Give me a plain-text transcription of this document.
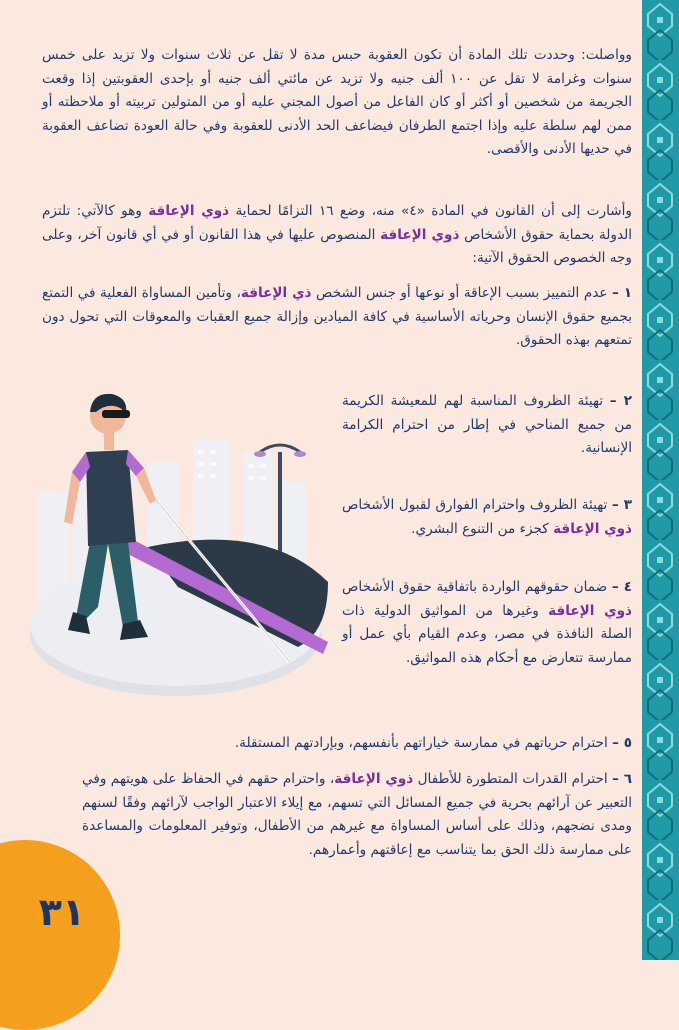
وواصلت: وحددت تلك المادة أن تكون العقوبة حبس مدة لا تقل عن ثلاث سنوات ولا تزيد على خمس سنوات وغرامة لا تقل عن ١٠٠ ألف جنيه ولا تزيد عن مائتي ألف جنيه أو بإحدى العقوبتين إذا وقعت الجريمة من شخصين أو أكثر أو كان الفاعل من أصول المجني عليه أو من المتولين تربيته أو ملاحظته أو ممن لهم سلطة عليه وإذا اجتمع الطرفان فيضاعف الحد الأدنى للعقوبة وفي حالة العودة تضاعف العقوبة في حديها الأدنى والأقصى.
وأشارت إلى أن القانون في المادة «٤» منه، وضع ١٦ التزامًا لحماية ذوي الإعاقة وهو كالآتي: تلتزم الدولة بحماية حقوق الأشخاص ذوي الإعاقة المنصوص عليها في هذا القانون أو في أي قانون آخر، وعلى وجه الخصوص الحقوق الآتية:
١ – عدم التمييز بسبب الإعاقة أو نوعها أو جنس الشخص ذي الإعاقة، وتأمين المساواة الفعلية في التمتع بجميع حقوق الإنسان وحرياته الأساسية في كافة الميادين وإزالة جميع العقبات والمعوقات التي تحول دون تمتعهم بهذه الحقوق.
٢ – تهيئة الظروف المناسبة لهم للمعيشة الكريمة من جميع المناحي في إطار من احترام الكرامة الإنسانية.
٣ – تهيئة الظروف واحترام الفوارق لقبول الأشخاص ذوي الإعاقة كجزء من التنوع البشري.
٤ – ضمان حقوقهم الواردة باتفاقية حقوق الأشخاص ذوي الإعاقة وغيرها من المواثيق الدولية ذات الصلة النافذة في مصر، وعدم القيام بأي عمل أو ممارسة تتعارض مع أحكام هذه المواثيق.
٥ – احترام حرياتهم في ممارسة خياراتهم بأنفسهم، وبإرادتهم المستقلة.
٦ – احترام القدرات المتطورة للأطفال ذوي الإعاقة، واحترام حقهم في الحفاظ على هويتهم وفي التعبير عن آرائهم بحرية في جميع المسائل التي تسهم، مع إيلاء الاعتبار الواجب لآرائهم وفقًا لسنهم ومدى نضجهم، وذلك على أساس المساواة مع غيرهم من الأطفال، وتوفير المعلومات والمساعدة على ممارسة ذلك الحق بما يتناسب مع إعاقتهم وأعمارهم.
٣١
